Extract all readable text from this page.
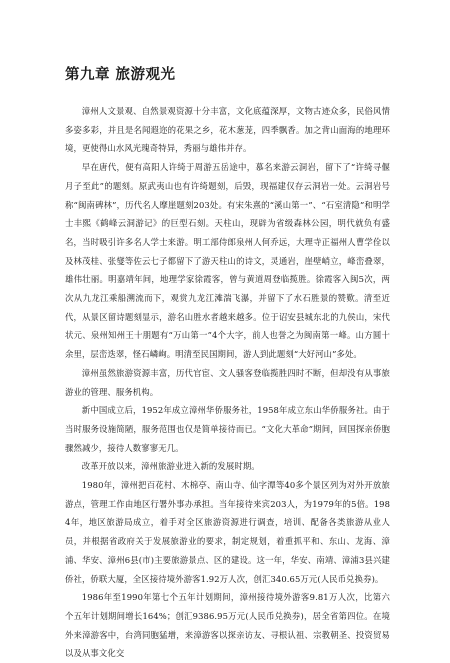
第九章 旅游观光

漳州人文景观、自然景观资源十分丰富，文化底蕴深厚，文物古迹众多，民俗风情多姿多彩，并且是名闻遐迩的花果之乡，花木葱茏，四季飘香。加之背山面海的地理环境，更使得山水风光瑰奇特异，秀丽与雄伟并存。

早在唐代，便有高阳人许绮于周游五岳途中，慕名来游云洞岩，留下了“许绮寻偃月子至此”的题刻。原武夷山也有许绮题刻，后毁，现福建仅存云洞岩一处。云洞岩号称“闽南碑林”，历代名人摩崖题刻203处。有宋朱熹的“溪山第一”、“石室清隐”和明学士丰熙《鹤峰云洞游记》的巨型石刻。天柱山，现辟为省级森林公园，明代就负有盛名，当时吸引许多名人学士来游。明工部侍郎泉州人何乔远，大理寺正福州人曹学佺以及林茂桂、张燮等佐云七子都留下了游天柱山的诗文，灵通岩，崖壁峭立，峰峦叠翠，雄伟壮丽。明嘉靖年间，地理学家徐霞客，曾与黄道周登临揽胜。徐霞客入闽5次，两次从九龙江乘船溯流而下，观赏九龙江滩湍飞瀑，并留下了水石胜景的赞歎。清至近代，从景区留诗题刻显示，游名山胜水者越来越多。位于诏安县城东北的九侯山，宋代状元、泉州知州王十朋题有“万山第一”4个大字，前人也誉之为闽南第一峰。山方圆十余里，层峦迭翠，怪石嶙峋。明清至民国期间，游人到此题刻“大好河山”多处。

漳州虽然旅游资源丰富，历代官宦、文人骚客登临揽胜四时不断，但却没有从事旅游业的管理、服务机构。

新中国成立后，1952年成立漳州华侨服务社，1958年成立东山华侨服务社。由于当时服务设施简陋，服务范围也仅是简单接待而已。“文化大革命”期间，回国探亲侨胞骤然减少，接待人数寥寥无几。

改革开放以来，漳州旅游业进入新的发展时期。

1980年，漳州把百花村、木棉亭、南山寺、仙字潭等40多个景区列为对外开放旅游点，管理工作由地区行署外事办承担。当年接待来宾203人，为1979年的5倍。1984年，地区旅游局成立，着手对全区旅游资源进行调查，培训、配备各类旅游从业人员，并根据省政府关于发展旅游业的要求，制定规划，着重抓平和、东山、龙海、漳浦、华安、漳州6县(市)主要旅游景点、区的建设。这一年，华安、南靖、漳浦3县兴建侨社，侨联大厦，全区接待境外游客1.92万人次，创汇340.65万元(人民币兑换券)。

1986年至1990年第七个五年计划期间，漳州接待境外游客9.81万人次，比第六个五年计划期间增长164%；创汇9386.95万元(人民币兑换券)，居全省第四位。在境外来漳游客中，台湾同胞猛增，来漳游客以探亲访友、寻根认祖、宗教朝圣、投资贸易以及从事文化交
